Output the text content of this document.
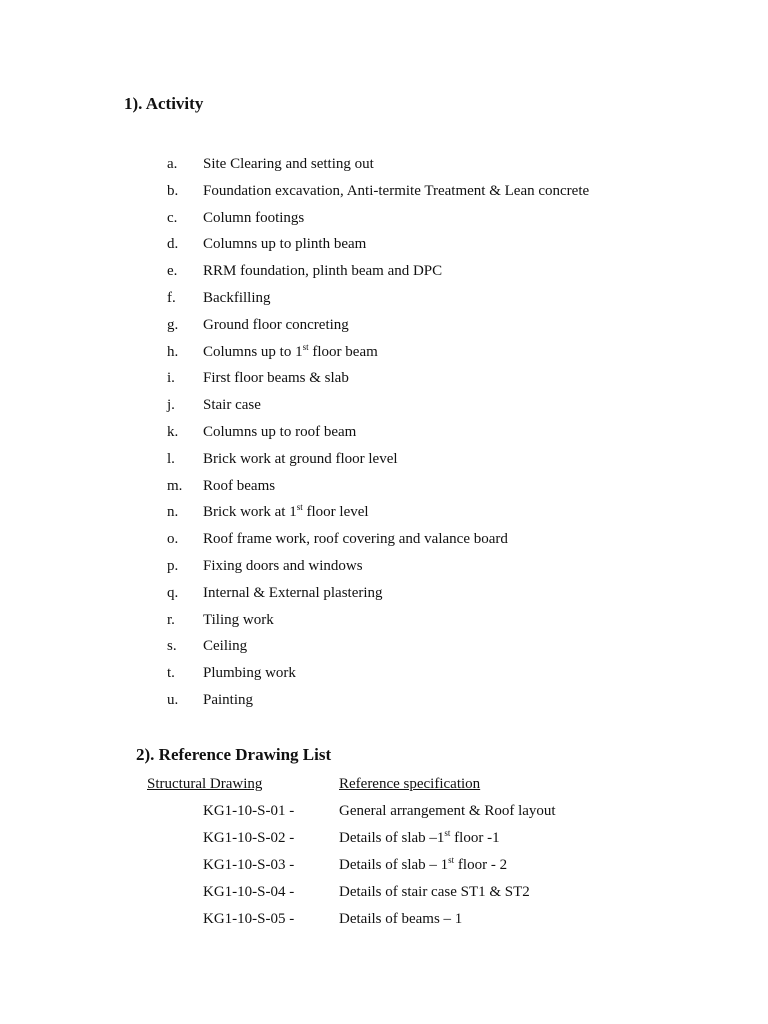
1). Activity
a. Site Clearing and setting out
b. Foundation excavation, Anti-termite Treatment & Lean concrete
c. Column footings
d. Columns up to plinth beam
e. RRM foundation, plinth beam and DPC
f. Backfilling
g. Ground floor concreting
h. Columns up to 1st floor beam
i. First floor beams & slab
j. Stair case
k. Columns up to roof beam
l. Brick work at ground floor level
m. Roof beams
n. Brick work at 1st floor level
o. Roof frame work, roof covering and valance board
p. Fixing doors and windows
q. Internal & External plastering
r. Tiling work
s. Ceiling
t. Plumbing work
u. Painting
2). Reference Drawing List
Structural Drawing	Reference specification
KG1-10-S-01 -	General arrangement & Roof layout
KG1-10-S-02 -	Details of slab –1st floor -1
KG1-10-S-03 -	Details of slab – 1st floor - 2
KG1-10-S-04 -	Details of stair case ST1 & ST2
KG1-10-S-05 -	Details of beams – 1
